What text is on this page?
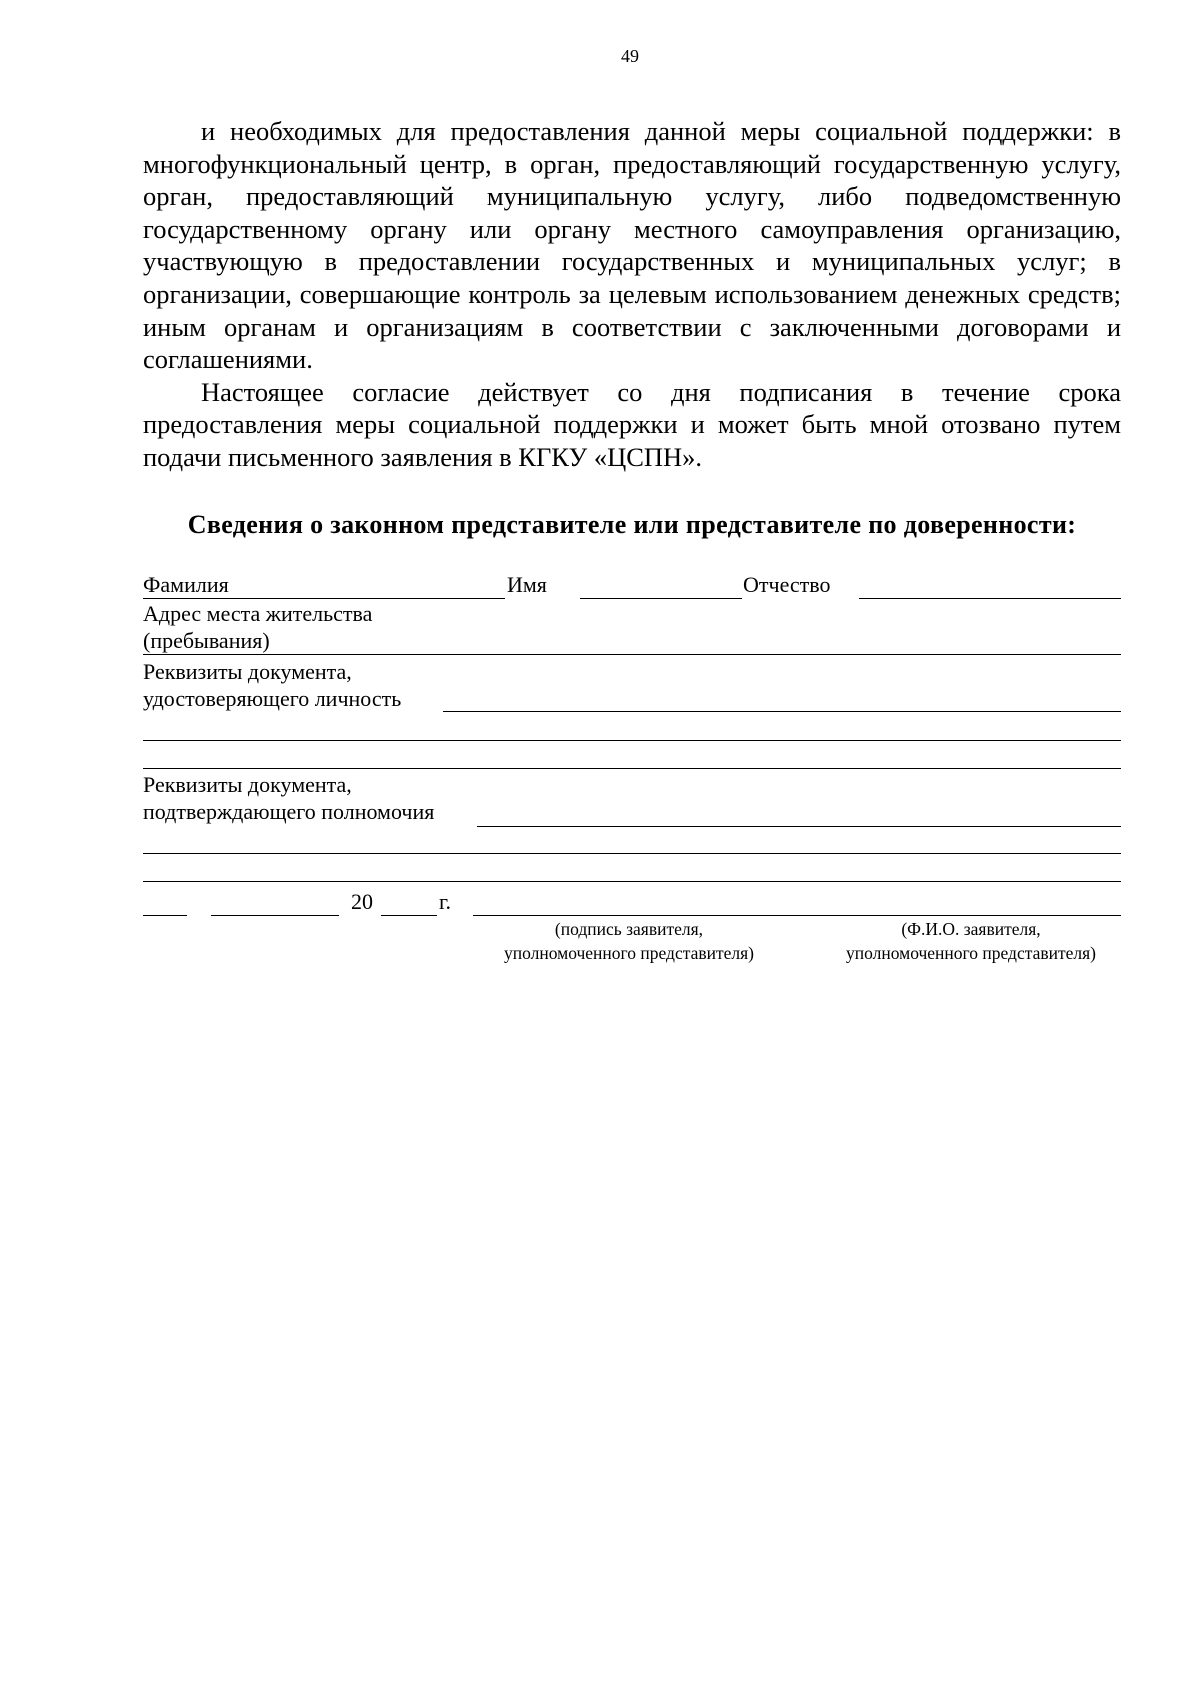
49

и необходимых для предоставления данной меры социальной поддержки: в многофункциональный центр, в орган, предоставляющий государственную услугу, орган, предоставляющий муниципальную услугу, либо подведомственную государственному органу или органу местного самоуправления организацию, участвующую в предоставлении государственных и муниципальных услуг; в организации, совершающие контроль за целевым использованием денежных средств; иным органам и организациям в соответствии с заключенными договорами и соглашениями.

Настоящее согласие действует со дня подписания в течение срока предоставления меры социальной поддержки и может быть мной отозвано путем подачи письменного заявления в КГКУ «ЦСПН».

Сведения о законном представителе или представителе по доверенности:
Фамилия	Имя	Отчество
Адрес места жительства
(пребывания)
Реквизиты документа,
удостоверяющего личность
Реквизиты документа,
подтверждающего полномочия
20	г.
(подпись заявителя,
уполномоченного представителя)
(Ф.И.О. заявителя,
уполномоченного представителя)
